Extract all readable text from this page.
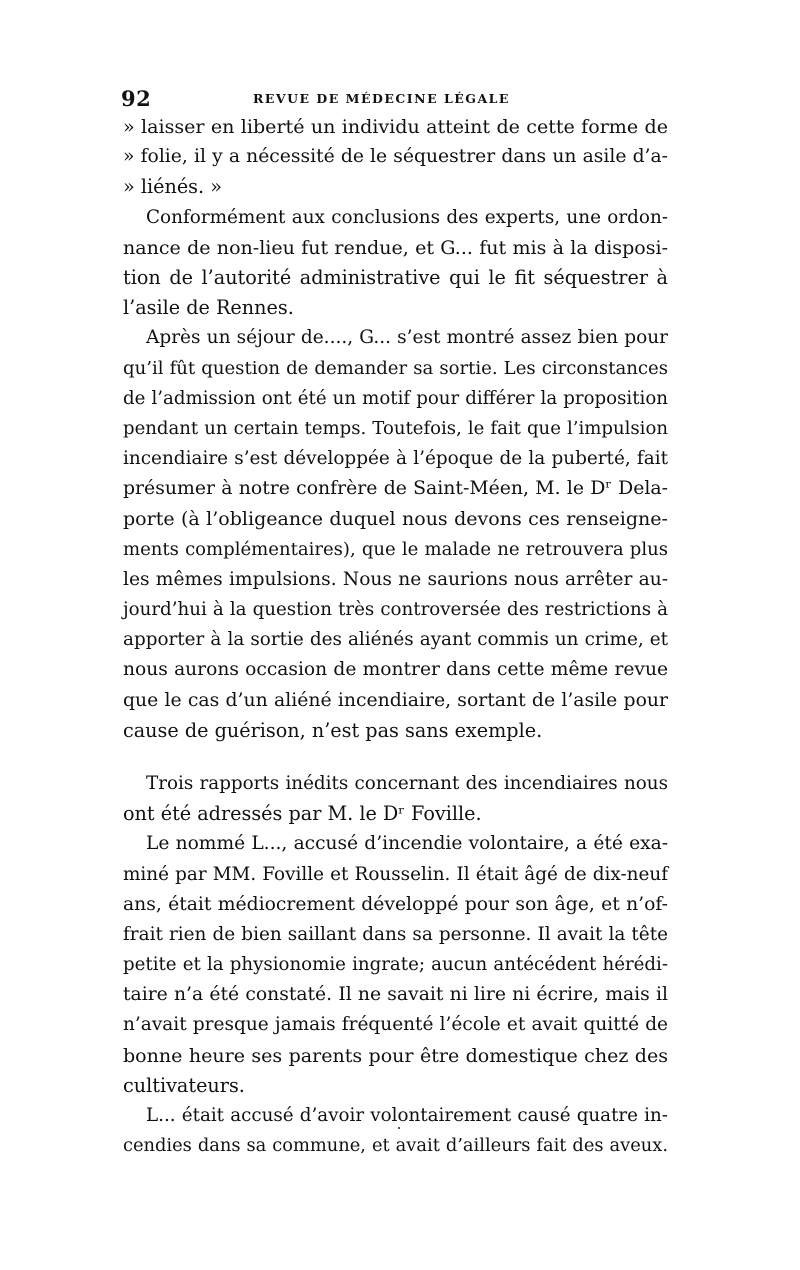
92	REVUE DE MÉDECINE LÉGALE
» laisser en liberté un individu atteint de cette forme de
» folie, il y a nécessité de le séquestrer dans un asile d’a-
» liénés. »
Conformément aux conclusions des experts, une ordon-
nance de non-lieu fut rendue, et G... fut mis à la disposi-
tion de l’autorité administrative qui le fit séquestrer à
l’asile de Rennes.
Après un séjour de...., G... s’est montré assez bien pour
qu’il fût question de demander sa sortie. Les circonstances
de l’admission ont été un motif pour différer la proposition
pendant un certain temps. Toutefois, le fait que l’impulsion
incendiaire s’est développée à l’époque de la puberté, fait
présumer à notre confrère de Saint-Méen, M. le Dʳ Dela-
porte (à l’obligeance duquel nous devons ces renseigne-
ments complémentaires), que le malade ne retrouvera plus
les mêmes impulsions. Nous ne saurions nous arrêter au-
jourd’hui à la question très controversée des restrictions à
apporter à la sortie des aliénés ayant commis un crime, et
nous aurons occasion de montrer dans cette même revue
que le cas d’un aliéné incendiaire, sortant de l’asile pour
cause de guérison, n’est pas sans exemple.
Trois rapports inédits concernant des incendiaires nous
ont été adressés par M. le Dʳ Foville.
Le nommé L..., accusé d’incendie volontaire, a été exa-
miné par MM. Foville et Rousselin. Il était âgé de dix-neuf
ans, était médiocrement développé pour son âge, et n’of-
frait rien de bien saillant dans sa personne. Il avait la tête
petite et la physionomie ingrate; aucun antécédent hérédi-
taire n’a été constaté. Il ne savait ni lire ni écrire, mais il
n’avait presque jamais fréquenté l’école et avait quitté de
bonne heure ses parents pour être domestique chez des
cultivateurs.
L... était accusé d’avoir volontairement causé quatre in-
cendies dans sa commune, et avait d’ailleurs fait des aveux.
